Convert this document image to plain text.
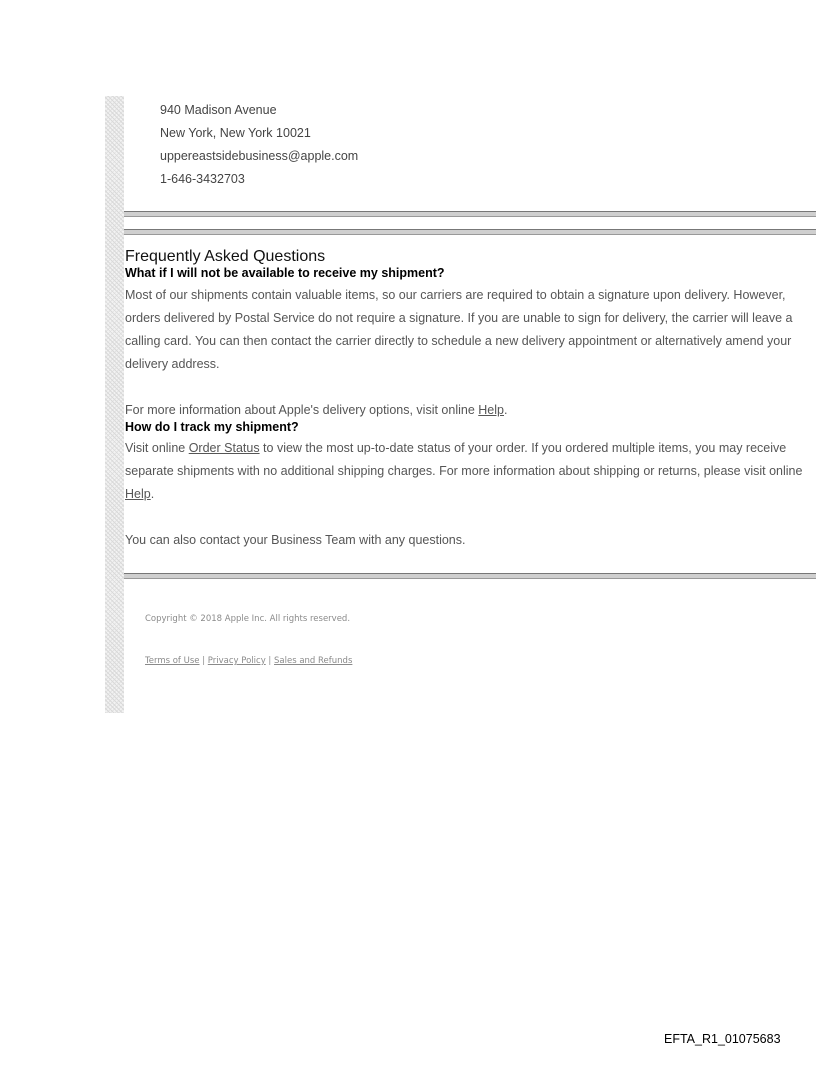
940 Madison Avenue
New York, New York 10021
uppereastsidebusiness@apple.com
1-646-3432703
Frequently Asked Questions
What if I will not be available to receive my shipment?
Most of our shipments contain valuable items, so our carriers are required to obtain a signature upon delivery. However, orders delivered by Postal Service do not require a signature. If you are unable to sign for delivery, the carrier will leave a calling card. You can then contact the carrier directly to schedule a new delivery appointment or alternatively amend your delivery address.
For more information about Apple's delivery options, visit online Help.
How do I track my shipment?
Visit online Order Status to view the most up-to-date status of your order. If you ordered multiple items, you may receive separate shipments with no additional shipping charges. For more information about shipping or returns, please visit online Help.
You can also contact your Business Team with any questions.
Copyright © 2018 Apple Inc. All rights reserved.
Terms of Use | Privacy Policy | Sales and Refunds
EFTA_R1_01075683
